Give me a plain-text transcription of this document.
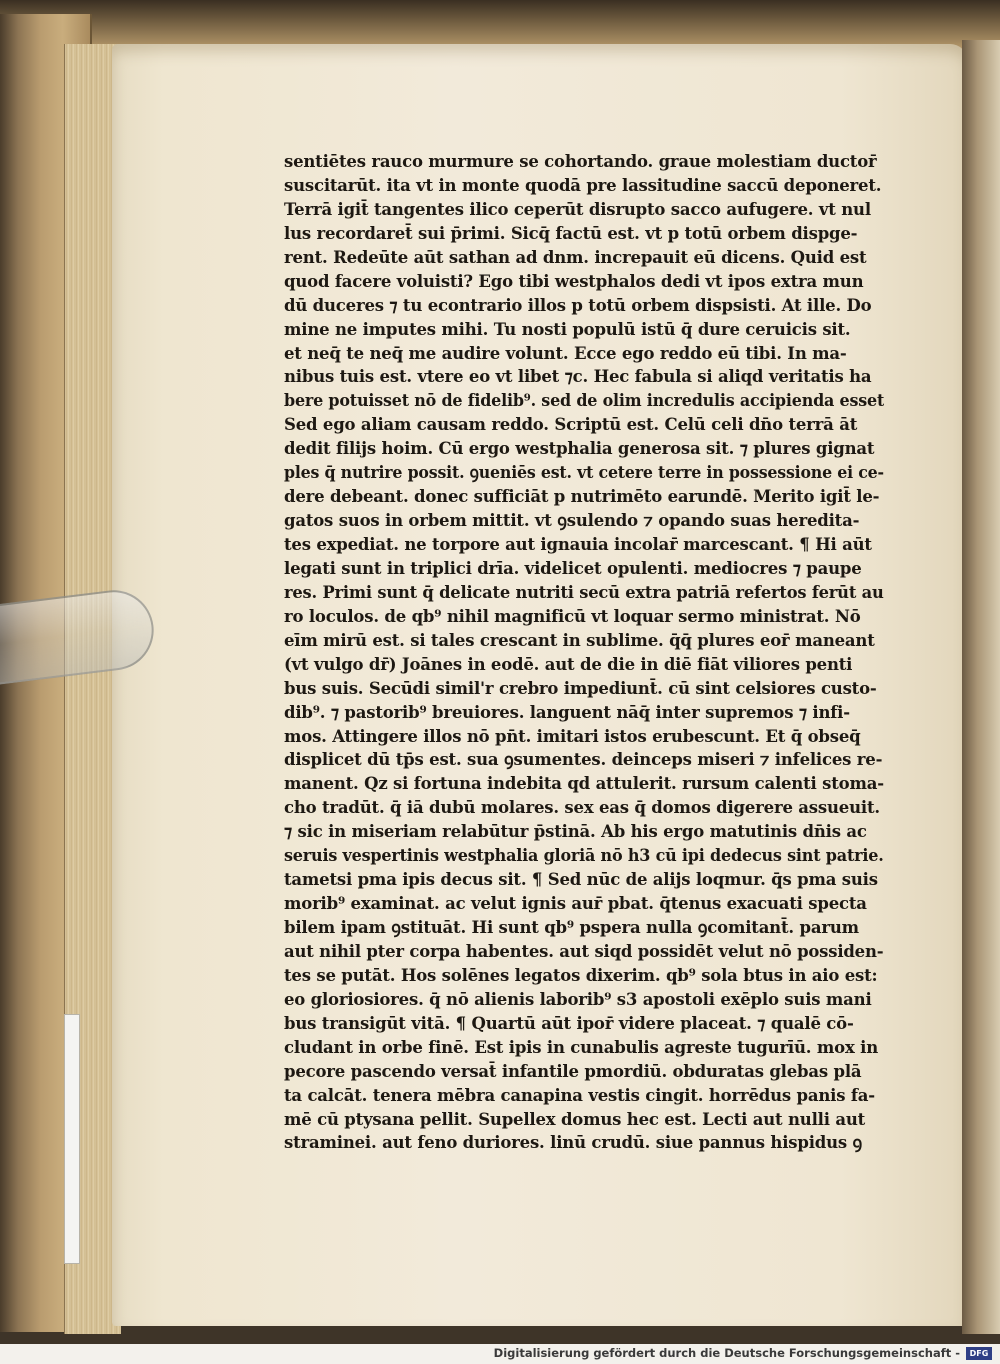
sentiētes rauco murmure se cohortando. graue molestiam ductor̄
suscitarūt. ita vt in monte quodā pre lassitudine saccū deponeret.
Terrā igit̄ tangentes ilico ceperūt disrupto sacco aufugere. vt nul
lus recordaret̄ sui p̄rimi. Sicq̄ factū est. vt p totū orbem dispge-
rent. Redeūte aūt sathan ad dnm. increpauit eū dicens. Quid est
quod facere voluisti? Ego tibi westphalos dedi vt ipos extra mun
dū duceres ⁊ tu econtrario illos p totū orbem dispsisti. At ille. Do
mine ne imputes mihi. Tu nosti populū istū q̄ dure ceruicis sit.
et neq̄ te neq̄ me audire volunt. Ecce ego reddo eū tibi. In ma-
nibus tuis est. vtere eo vt libet ⁊c. Hec fabula si aliqd veritatis ha
bere potuisset nō de fidelib⁹. sed de olim incredulis accipienda esset
Sed ego aliam causam reddo. Scriptū est. Celū celi dn̄o terrā āt
dedit filijs hoim. Cū ergo westphalia generosa sit. ⁊ plures gignat
ples q̄ nutrire possit. ꝯueniēs est. vt cetere terre in possessione ei ce-
dere debeant. donec sufficiāt p nutrimēto earundē. Merito igit̄ le-
gatos suos in orbem mittit. vt ꝯsulendo ⁊ opando suas heredita-
tes expediat. ne torpore aut ignauia incolar̄ marcescant. ¶ Hi aūt
legati sunt in triplici drīa. videlicet opulenti. mediocres ⁊ paupe
res. Primi sunt q̄ delicate nutriti secū extra patriā refertos ferūt au
ro loculos. de qb⁹ nihil magnificū vt loquar sermo ministrat. Nō
eīm mirū est. si tales crescant in sublime. q̄q̄ plures eor̄ maneant
(vt vulgo dr̄) Joānes in eodē. aut de die in diē fiāt viliores penti
bus suis. Secūdi simil'r crebro impediunt̄. cū sint celsiores custo-
dib⁹. ⁊ pastorib⁹ breuiores. languent nāq̄ inter supremos ⁊ infi-
mos. Attingere illos nō pn̄t. imitari istos erubescunt. Et q̄ obseq̄
displicet dū tp̄s est. sua ꝯsumentes. deinceps miseri ⁊ infelices re-
manent. Qz si fortuna indebita qd attulerit. rursum calenti stoma-
cho tradūt. q̄ iā dubū molares. sex eas q̄ domos digerere assueuit.
⁊ sic in miseriam relabūtur p̄stinā. Ab his ergo matutinis dn̄is ac
seruis vespertinis westphalia gloriā nō h3 cū ipi dedecus sint patrie.
tametsi pma ipis decus sit. ¶ Sed nūc de alijs loqmur. q̄s pma suis
morib⁹ examinat. ac velut ignis aur̄ pbat. q̄tenus exacuati specta
bilem ipam ꝯstituāt. Hi sunt qb⁹ pspera nulla ꝯcomitant̄. parum
aut nihil pter corpa habentes. aut siqd possidēt velut nō possiden-
tes se putāt. Hos solēnes legatos dixerim. qb⁹ sola btus in aio est:
eo gloriosiores. q̄ nō alienis laborib⁹ s3 apostoli exēplo suis mani
bus transigūt vitā. ¶ Quartū aūt ipor̄ videre placeat. ⁊ qualē cō-
cludant in orbe finē. Est ipis in cunabulis agreste tugurīū. mox in
pecore pascendo versat̄ infantile pmordiū. obduratas glebas plā
ta calcāt. tenera mēbra canapina vestis cingit. horrēdus panis fa-
mē cū ptysana pellit. Supellex domus hec est. Lecti aut nulli aut
straminei. aut feno duriores. linū crudū. siue pannus hispidus ꝯ
Digitalisierung gefördert durch die Deutsche Forschungsgemeinschaft -	DFG
